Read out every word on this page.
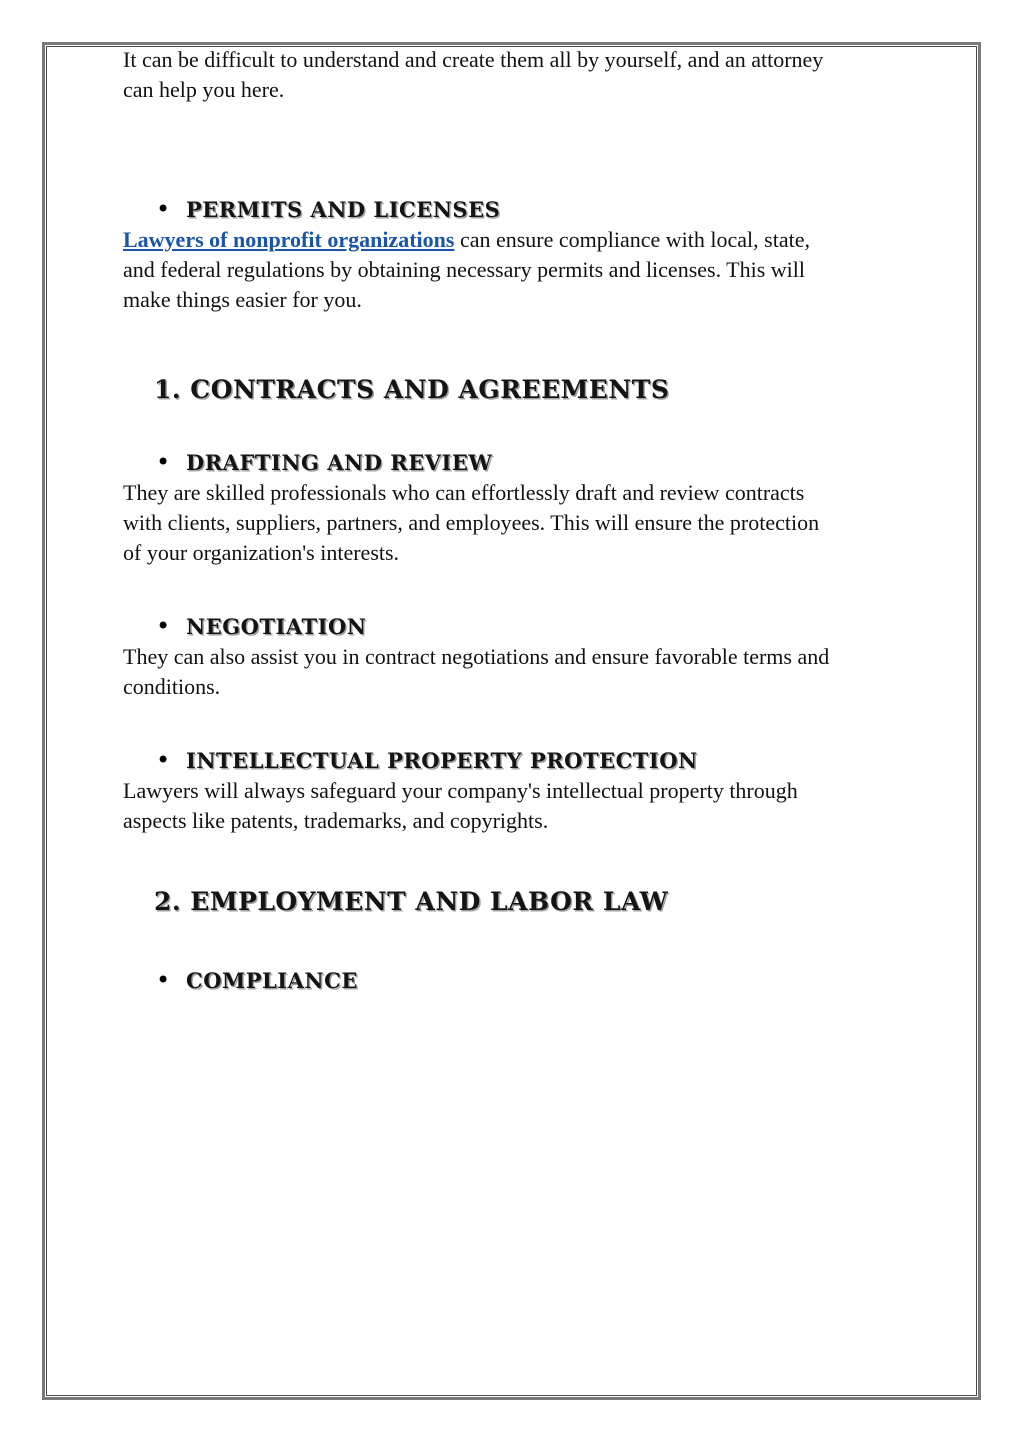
It can be difficult to understand and create them all by yourself, and an attorney
can help you here.

• PERMITS AND LICENSES

Lawyers of nonprofit organizations can ensure compliance with local, state,
and federal regulations by obtaining necessary permits and licenses. This will
make things easier for you.

1. CONTRACTS AND AGREEMENTS
• DRAFTING AND REVIEW

They are skilled professionals who can effortlessly draft and review contracts
with clients, suppliers, partners, and employees. This will ensure the protection
of your organization's interests.

• NEGOTIATION

They can also assist you in contract negotiations and ensure favorable terms and
conditions.

• INTELLECTUAL PROPERTY PROTECTION

Lawyers will always safeguard your company's intellectual property through
aspects like patents, trademarks, and copyrights.

2. EMPLOYMENT AND LABOR LAW
• COMPLIANCE
